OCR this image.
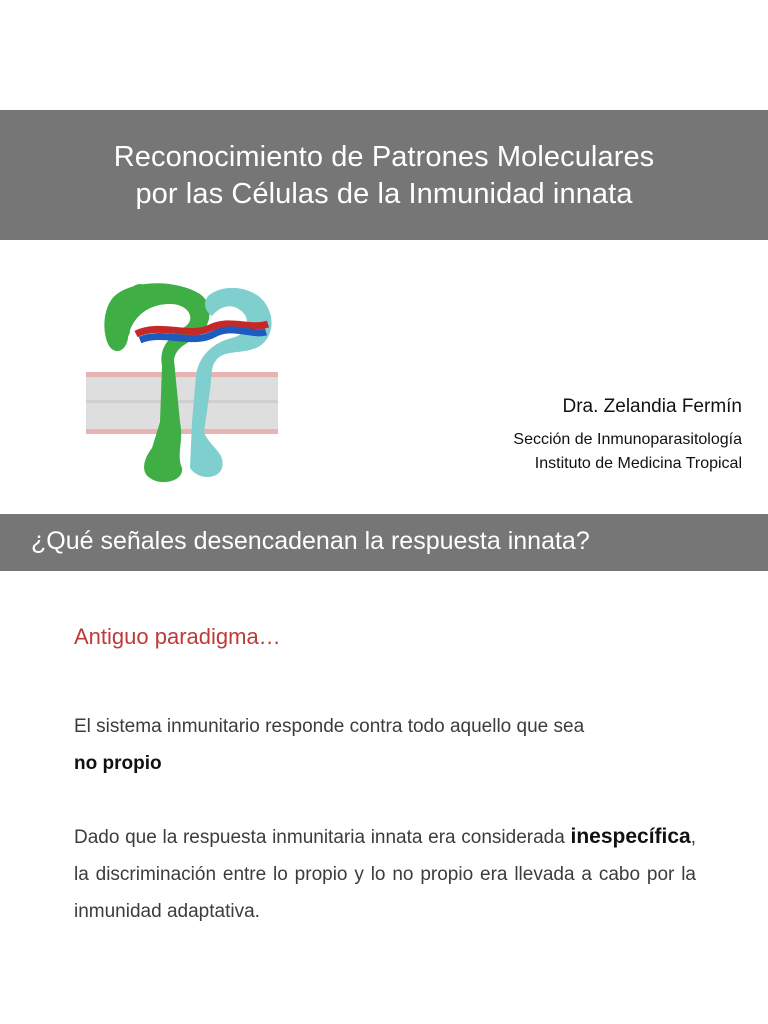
Reconocimiento de Patrones Moleculares
por las Células de la Inmunidad innata
Dra. Zelandia Fermín
Sección de Inmunoparasitología
Instituto de Medicina Tropical
¿Qué señales desencadenan la respuesta innata?
Antiguo paradigma…
El sistema inmunitario responde contra todo aquello que sea
no propio
Dado que la respuesta inmunitaria innata era considerada inespecífica, la discriminación entre lo propio y lo no propio era llevada a cabo por la inmunidad adaptativa.
